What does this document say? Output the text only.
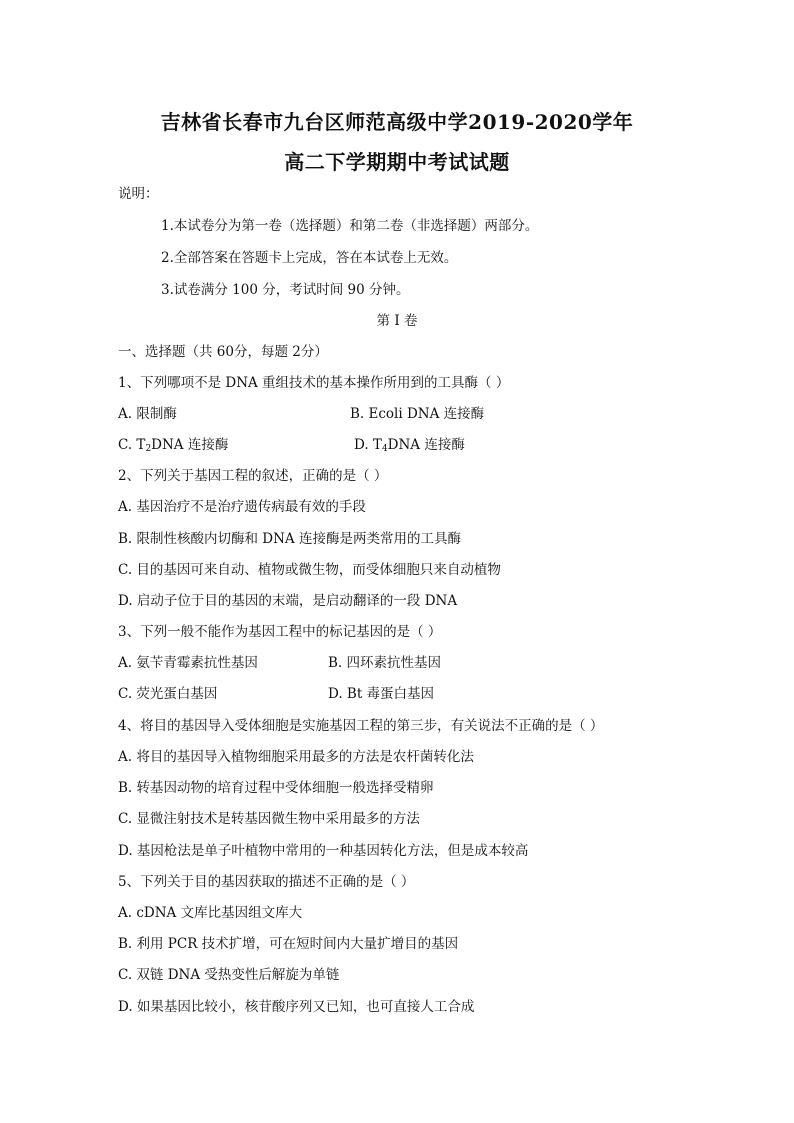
吉林省长春市九台区师范高级中学2019-2020学年
高二下学期期中考试试题
说明：
1.本试卷分为第一卷（选择题）和第二卷（非选择题）两部分。
2.全部答案在答题卡上完成，答在本试卷上无效。
3.试卷满分 100 分，考试时间 90 分钟。
第 I 卷
一、选择题（共 60分，每题 2分）
1、下列哪项不是 DNA 重组技术的基本操作所用到的工具酶（ ）
A. 限制酶	B. Ecoli DNA 连接酶
C. $T_2DNA$ 连接酶	D. $T_4DNA$ 连接酶
2、下列关于基因工程的叙述，正确的是（ ）
A. 基因治疗不是治疗遗传病最有效的手段
B. 限制性核酸内切酶和 DNA 连接酶是两类常用的工具酶
C. 目的基因可来自动、植物或微生物，而受体细胞只来自动植物
D. 启动子位于目的基因的末端，是启动翻译的一段 DNA
3、下列一般不能作为基因工程中的标记基因的是（ ）
A. 氨苄青霉素抗性基因	B. 四环素抗性基因
C. 荧光蛋白基因	D. Bt 毒蛋白基因
4、将目的基因导入受体细胞是实施基因工程的第三步，有关说法不正确的是（ ）
A. 将目的基因导入植物细胞采用最多的方法是农杆菌转化法
B. 转基因动物的培育过程中受体细胞一般选择受精卵
C. 显微注射技术是转基因微生物中采用最多的方法
D. 基因枪法是单子叶植物中常用的一种基因转化方法，但是成本较高
5、下列关于目的基因获取的描述不正确的是（ ）
A. cDNA 文库比基因组文库大
B. 利用 PCR 技术扩增，可在短时间内大量扩增目的基因
C. 双链 DNA 受热变性后解旋为单链
D. 如果基因比较小，核苷酸序列又已知，也可直接人工合成
